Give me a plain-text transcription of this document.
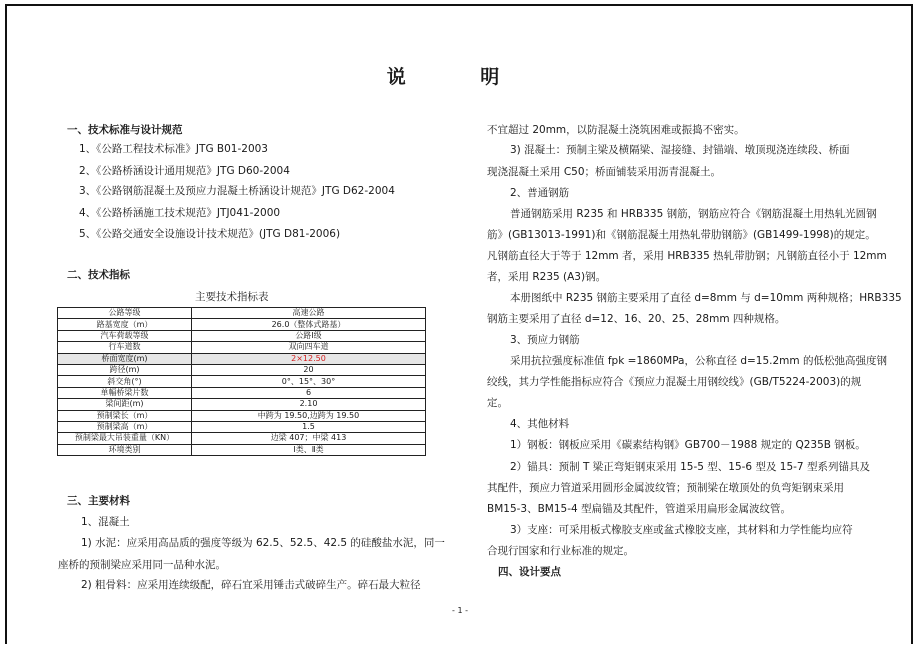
说 明
一、技术标准与设计规范
1、《公路工程技术标准》JTG B01-2003
2、《公路桥涵设计通用规范》JTG D60-2004
3、《公路钢筋混凝土及预应力混凝土桥涵设计规范》JTG D62-2004
4、《公路桥涵施工技术规范》JTJ041-2000
5、《公路交通安全设施设计技术规范》(JTG D81-2006)
二、技术指标
主要技术指标表
公路等级	高速公路
路基宽度（m）	26.0（整体式路基）
汽车荷载等级	公路Ⅰ级
行车道数	双向四车道
桥面宽度(m)	2×12.50
跨径(m)	20
斜交角(°)	0°、15°、30°
单幅桥梁片数	6
梁间距(m)	2.10
预制梁长（m）	中跨为 19.50,边跨为 19.50
预制梁高（m）	1.5
预制梁最大吊装重量（KN）	边梁 407；中梁 413
环境类别	Ⅰ类、Ⅱ类
三、主要材料
1、混凝土
1) 水泥：应采用高品质的强度等级为 62.5、52.5、42.5 的硅酸盐水泥，同一
座桥的预制梁应采用同一品种水泥。
2) 粗骨料：应采用连续级配，碎石宜采用锤击式破碎生产。碎石最大粒径
不宜超过 20mm，以防混凝土浇筑困难或振捣不密实。
3) 混凝土：预制主梁及横隔梁、湿接缝、封锚端、墩顶现浇连续段、桥面
现浇混凝土采用 C50；桥面铺装采用沥青混凝土。
2、普通钢筋
普通钢筋采用 R235 和 HRB335 钢筋，钢筋应符合《钢筋混凝土用热轧光圆钢
筋》(GB13013-1991)和《钢筋混凝土用热轧带肋钢筋》(GB1499-1998)的规定。
凡钢筋直径大于等于 12mm 者，采用 HRB335 热轧带肋钢；凡钢筋直径小于 12mm
者，采用 R235 (A3)钢。
本册图纸中 R235 钢筋主要采用了直径 d=8mm 与 d=10mm 两种规格；HRB335
钢筋主要采用了直径 d=12、16、20、25、28mm 四种规格。
3、预应力钢筋
采用抗拉强度标准值 fpk =1860MPa，公称直径 d=15.2mm 的低松弛高强度钢
绞线，其力学性能指标应符合《预应力混凝土用钢绞线》(GB/T5224-2003)的规
定。
4、其他材料
1）钢板：钢板应采用《碳素结构钢》GB700－1988 规定的 Q235B 钢板。
2）锚具：预制 T 梁正弯矩钢束采用 15-5 型、15-6 型及 15-7 型系列锚具及
其配件，预应力管道采用圆形金属波纹管；预制梁在墩顶处的负弯矩钢束采用
BM15-3、BM15-4 型扁锚及其配件，管道采用扁形金属波纹管。
3）支座：可采用板式橡胶支座或盆式橡胶支座，其材料和力学性能均应符
合现行国家和行业标准的规定。
四、设计要点
- 1 -
